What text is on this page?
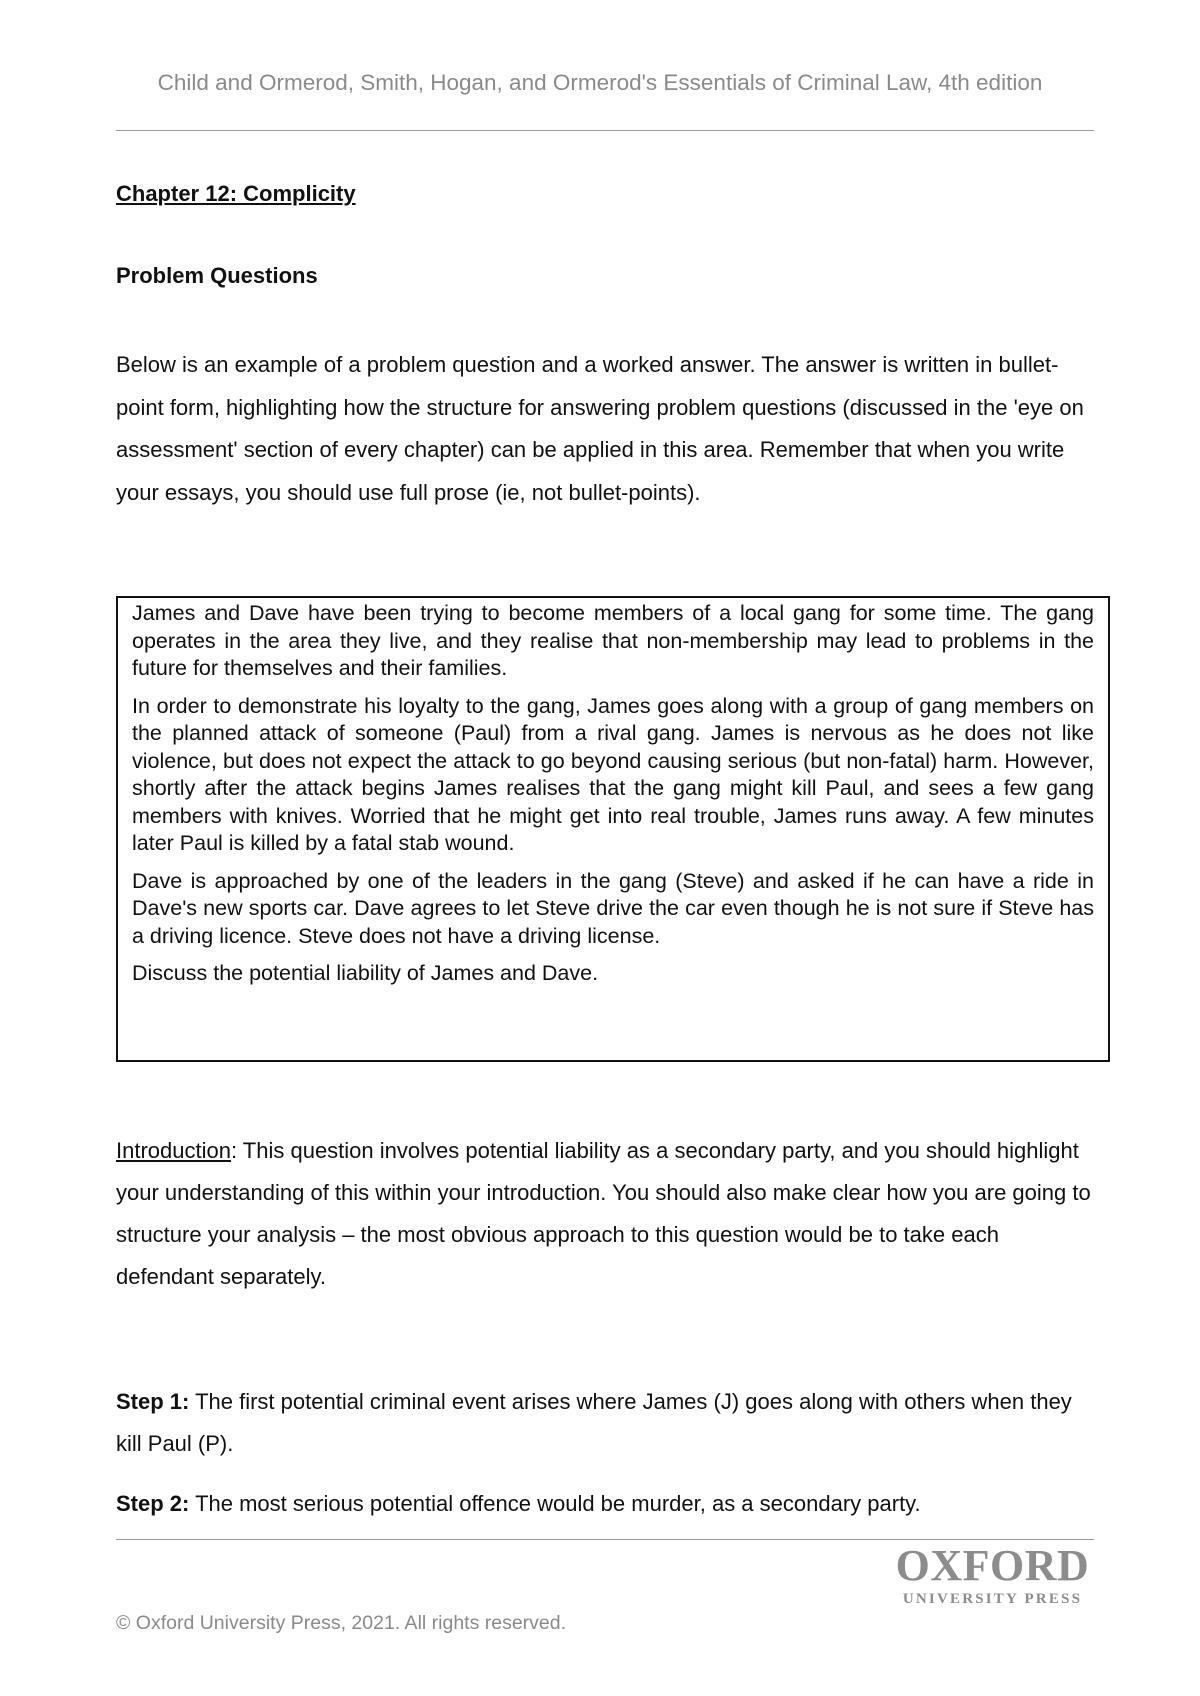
Child and Ormerod, Smith, Hogan, and Ormerod's Essentials of Criminal Law, 4th edition
Chapter 12: Complicity
Problem Questions
Below is an example of a problem question and a worked answer. The answer is written in bullet-point form, highlighting how the structure for answering problem questions (discussed in the 'eye on assessment' section of every chapter) can be applied in this area. Remember that when you write your essays, you should use full prose (ie, not bullet-points).

James and Dave have been trying to become members of a local gang for some time. The gang operates in the area they live, and they realise that non-membership may lead to problems in the future for themselves and their families.

In order to demonstrate his loyalty to the gang, James goes along with a group of gang members on the planned attack of someone (Paul) from a rival gang. James is nervous as he does not like violence, but does not expect the attack to go beyond causing serious (but non-fatal) harm. However, shortly after the attack begins James realises that the gang might kill Paul, and sees a few gang members with knives. Worried that he might get into real trouble, James runs away. A few minutes later Paul is killed by a fatal stab wound.

Dave is approached by one of the leaders in the gang (Steve) and asked if he can have a ride in Dave's new sports car. Dave agrees to let Steve drive the car even though he is not sure if Steve has a driving licence. Steve does not have a driving license.

Discuss the potential liability of James and Dave.

Introduction: This question involves potential liability as a secondary party, and you should highlight your understanding of this within your introduction. You should also make clear how you are going to structure your analysis – the most obvious approach to this question would be to take each defendant separately.
Step 1: The first potential criminal event arises where James (J) goes along with others when they kill Paul (P).
Step 2: The most serious potential offence would be murder, as a secondary party.
OXFORD
UNIVERSITY PRESS
© Oxford University Press, 2021. All rights reserved.
